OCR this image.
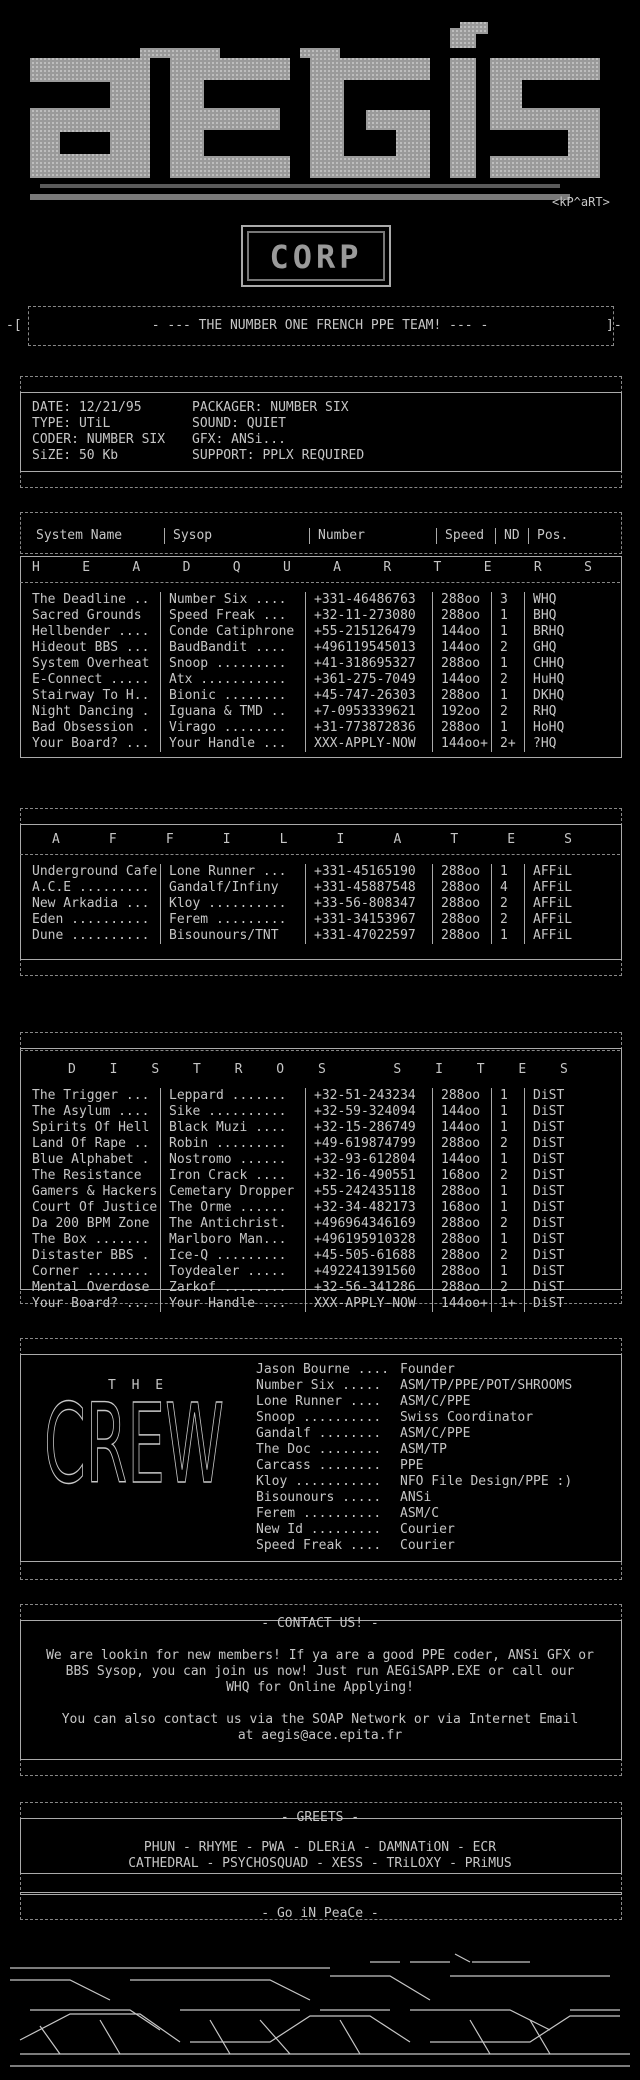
<kP^aRT>
CORP
-[	]-
- --- THE NUMBER ONE FRENCH PPE TEAM! --- -
DATE: 12/21/95	PACKAGER: NUMBER SIX
TYPE: UTiL	SOUND: QUIET
CODER: NUMBER SIX GFX: ANSi...
SiZE: 50 Kb	SUPPORT: PPLX REQUIRED
System Name	Sysop	Number	Speed	ND	Pos.
H	E	A	D	Q	U	A	R	T	E	R	S
The Deadline ..	Number Six ....	+331-46486763	288oo	3	WHQ
Sacred Grounds	Speed Freak ...	+32-11-273080	288oo	1	BHQ
Hellbender ....	Conde Catiphrone	+55-215126479	144oo	1	BRHQ
Hideout BBS ...	BaudBandit ....	+496119545013	144oo	2	GHQ
System Overheat	Snoop .........	+41-318695327	288oo	1	CHHQ
E-Connect .....	Atx ...........	+361-275-7049	144oo	2	HuHQ
Stairway To H..	Bionic ........	+45-747-26303	288oo	1	DKHQ
Night Dancing .	Iguana & TMD ..	+7-0953339621	192oo	2	RHQ
Bad Obsession .	Virago ........	+31-773872836	288oo	1	HoHQ
Your Board? ...	Your Handle ...	XXX-APPLY-NOW	144oo+	2+	?HQ
A	F	F	I	L	I	A	T	E	S
Underground Cafe	Lone Runner ...	+331-45165190	288oo	1	AFFiL
A.C.E .........	Gandalf/Infiny	+331-45887548	288oo	4	AFFiL
New Arkadia ...	Kloy ..........	+33-56-808347	288oo	2	AFFiL
Eden ..........	Ferem .........	+331-34153967	288oo	2	AFFiL
Dune ..........	Bisounours/TNT	+331-47022597	288oo	1	AFFiL
D	I	S	T	R	O	S	S	I	T	E	S

The Trigger ...	Leppard .......	+32-51-243234	288oo	1	DiST
The Asylum ....	Sike ..........	+32-59-324094	144oo	1	DiST
Spirits Of Hell	Black Muzi ....	+32-15-286749	144oo	1	DiST
Land Of Rape ..	Robin .........	+49-619874799	288oo	2	DiST
Blue Alphabet .	Nostromo ......	+32-93-612804	144oo	1	DiST
The Resistance	Iron Crack ....	+32-16-490551	168oo	2	DiST
Gamers & Hackers	Cemetary Dropper	+55-242435118	288oo	1	DiST
Court Of Justice	The Orme ......	+32-34-482173	168oo	1	DiST
Da 200 BPM Zone	The Antichrist.	+496964346169	288oo	2	DiST
The Box .......	Marlboro Man...	+496195910328	288oo	1	DiST
Distaster BBS .	Ice-Q .........	+45-505-61688	288oo	2	DiST
Corner ........	Toydealer .....	+492241391560	288oo	1	DiST
Mental Overdose	Zarkof ........	+32-56-341286	288oo	2	DiST
Your Board? ...	Your Handle ...	XXX-APPLY-NOW	144oo+	1+	DiST
T H E
CREW
Jason Bourne .... Founder
Number Six ..... ASM/TP/PPE/POT/SHROOMS
Lone Runner .... ASM/C/PPE
Snoop .......... Swiss Coordinator
Gandalf ........ ASM/C/PPE
The Doc ........ ASM/TP
Carcass ........ PPE
Kloy ........... NFO File Design/PPE :)
Bisounours ..... ANSi
Ferem .......... ASM/C
New Id ......... Courier
Speed Freak .... Courier
- CONTACT US! -
We are lookin for new members! If ya are a good PPE coder, ANSi GFX or
BBS Sysop, you can join us now! Just run AEGiSAPP.EXE or call our
WHQ for Online Applying!
You can also contact us via the SOAP Network or via Internet Email
at aegis@ace.epita.fr
- GREETS -
PHUN - RHYME - PWA - DLERiA - DAMNATiON - ECR
CATHEDRAL - PSYCHOSQUAD - XESS - TRiLOXY - PRiMUS
- Go iN PeaCe -
